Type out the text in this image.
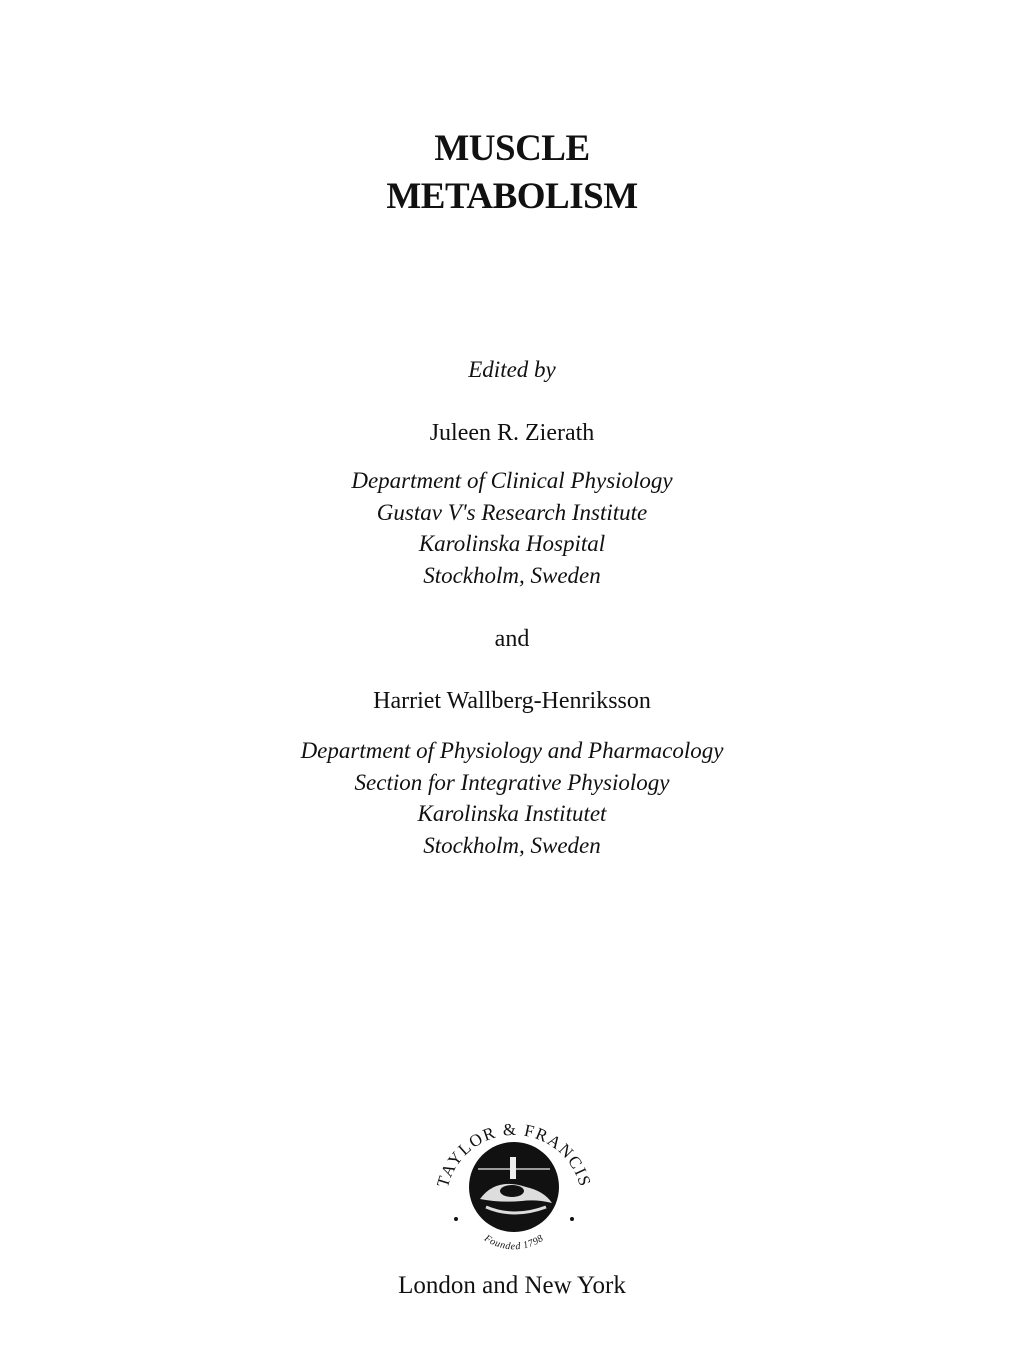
MUSCLE
METABOLISM
Edited by
Juleen R. Zierath
Department of Clinical Physiology
Gustav V's Research Institute
Karolinska Hospital
Stockholm, Sweden
and
Harriet Wallberg-Henriksson
Department of Physiology and Pharmacology
Section for Integrative Physiology
Karolinska Institutet
Stockholm, Sweden
TAYLOR & FRANCIS
Founded 1798
London and New York
